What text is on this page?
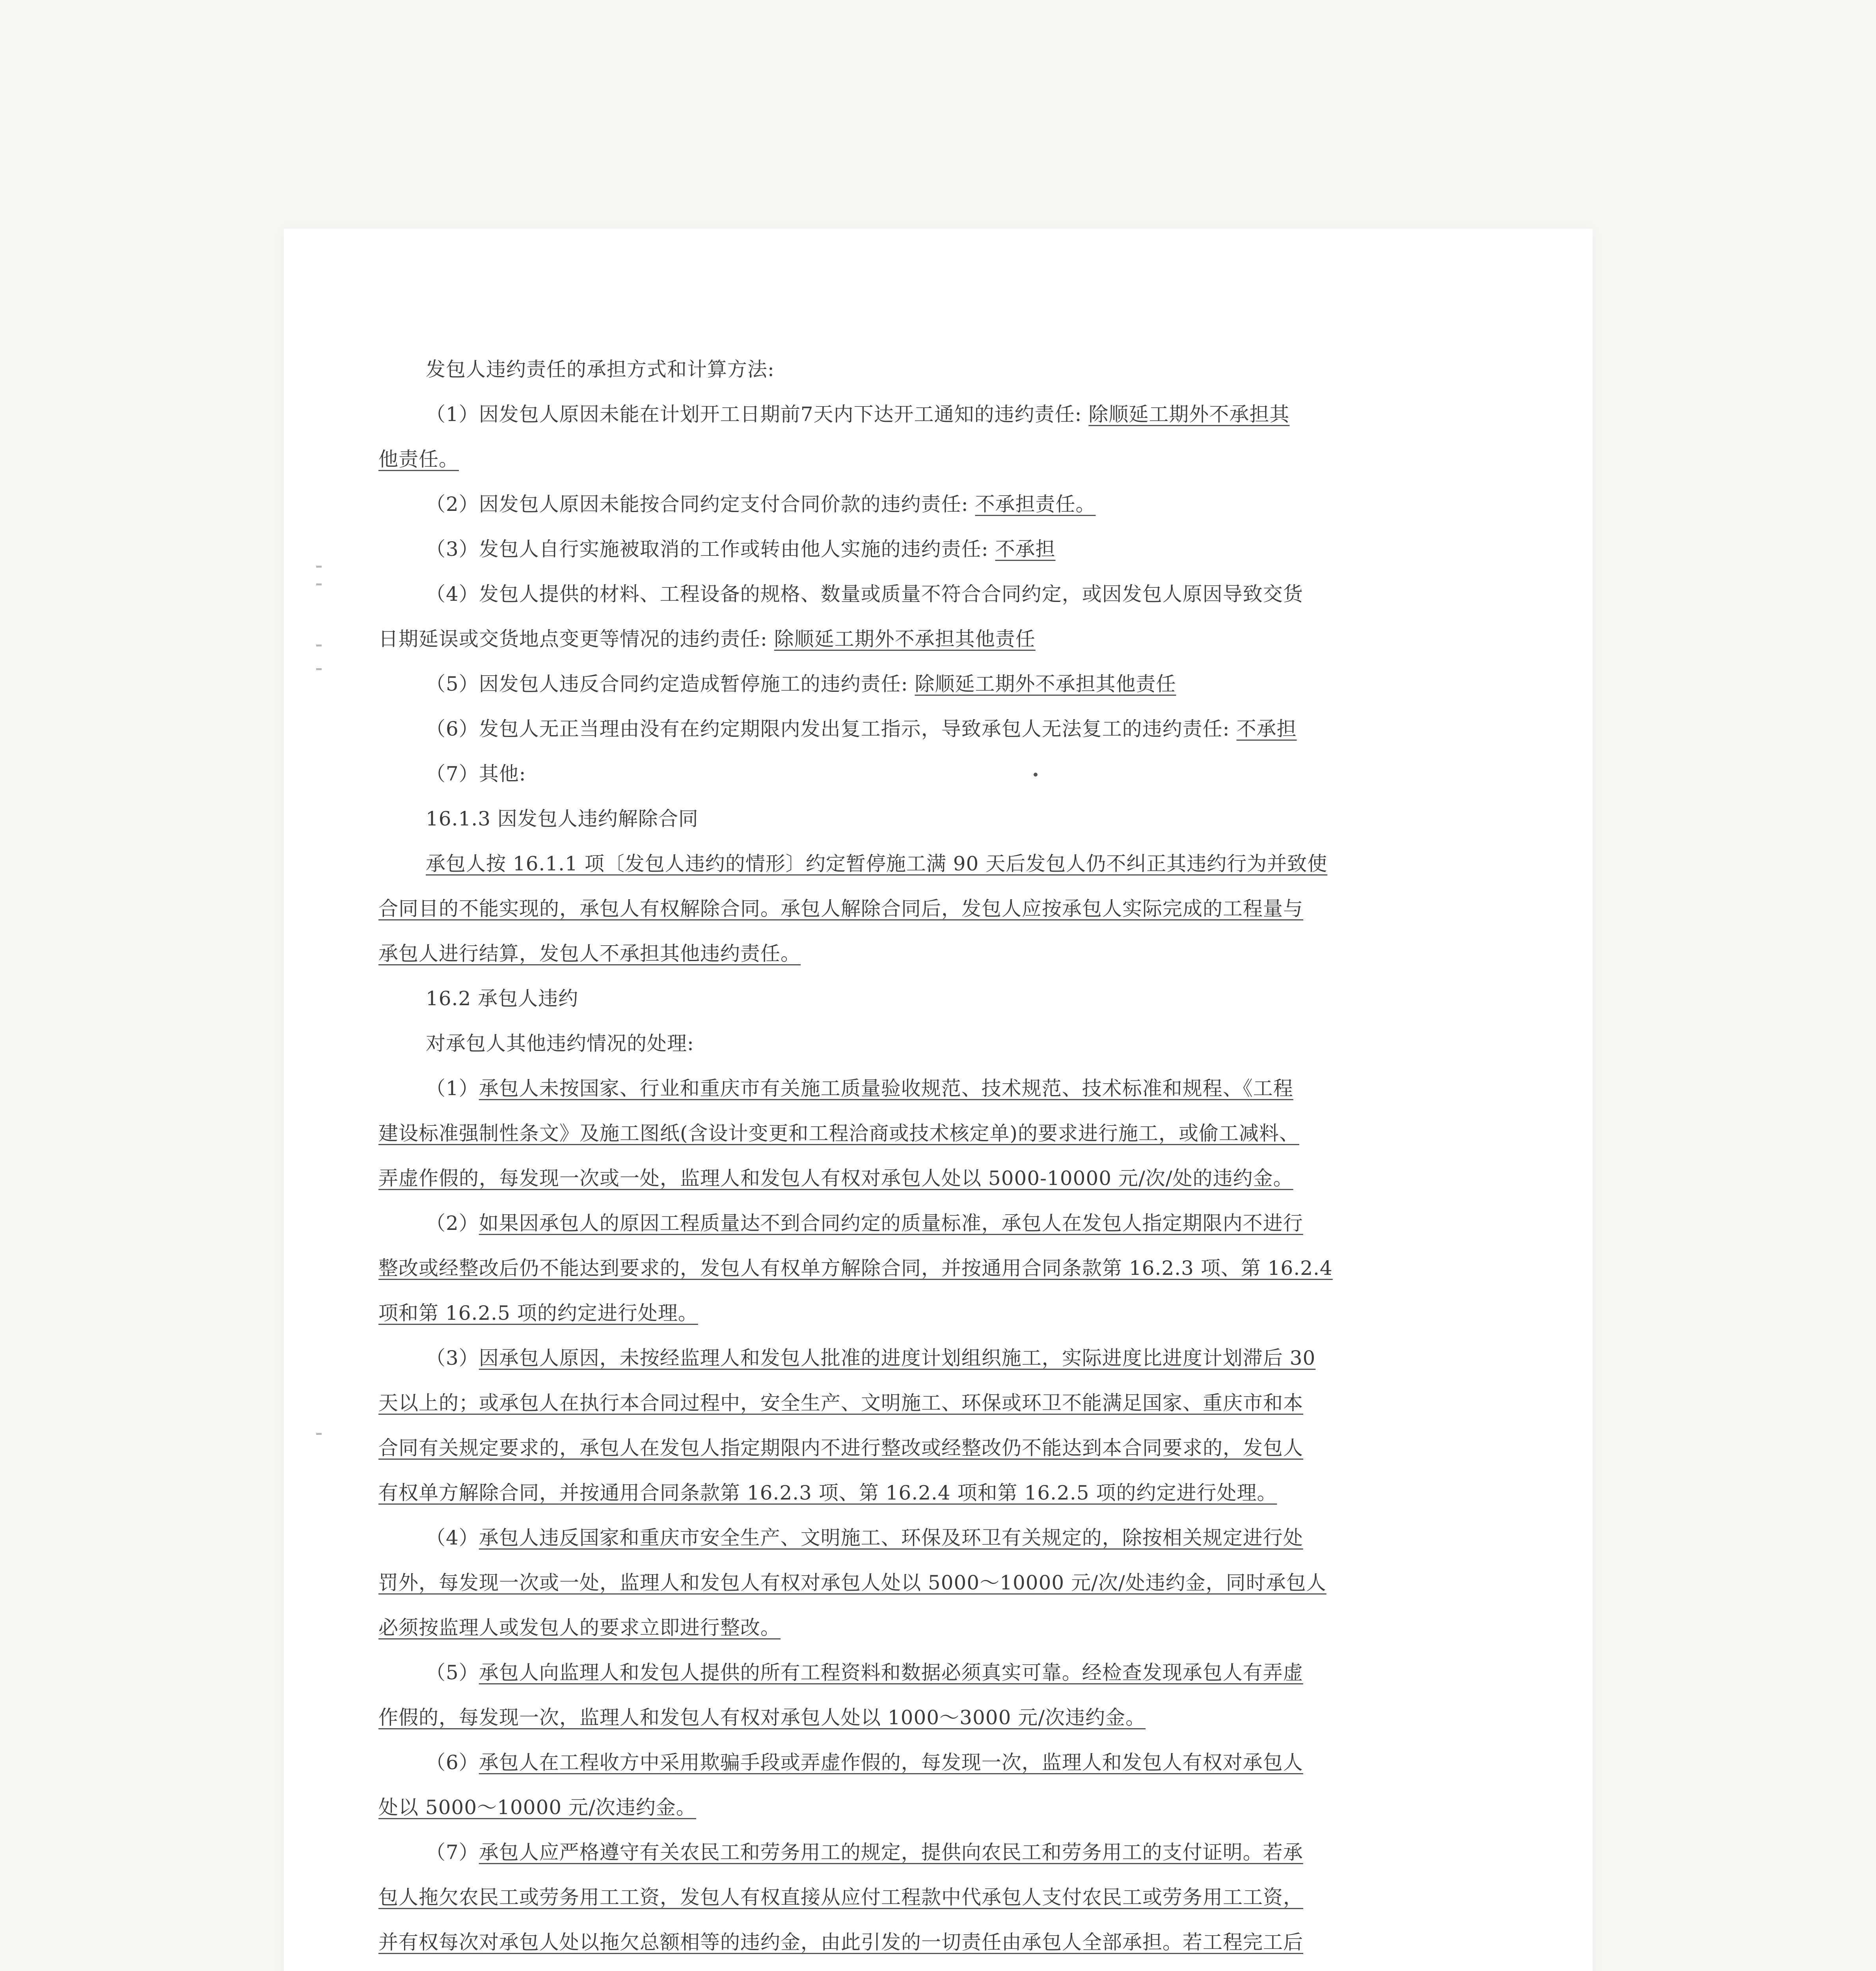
发包人违约责任的承担方式和计算方法:
（1）因发包人原因未能在计划开工日期前7天内下达开工通知的违约责任: 除顺延工期外不承担其
他责任。
（2）因发包人原因未能按合同约定支付合同价款的违约责任: 不承担责任。
（3）发包人自行实施被取消的工作或转由他人实施的违约责任: 不承担
（4）发包人提供的材料、工程设备的规格、数量或质量不符合合同约定，或因发包人原因导致交货
日期延误或交货地点变更等情况的违约责任: 除顺延工期外不承担其他责任
（5）因发包人违反合同约定造成暂停施工的违约责任: 除顺延工期外不承担其他责任
（6）发包人无正当理由没有在约定期限内发出复工指示，导致承包人无法复工的违约责任: 不承担
（7）其他:
16.1.3 因发包人违约解除合同
承包人按 16.1.1 项〔发包人违约的情形〕约定暂停施工满 90 天后发包人仍不纠正其违约行为并致使
合同目的不能实现的，承包人有权解除合同。承包人解除合同后，发包人应按承包人实际完成的工程量与
承包人进行结算，发包人不承担其他违约责任。
16.2 承包人违约
对承包人其他违约情况的处理:
（1）承包人未按国家、行业和重庆市有关施工质量验收规范、技术规范、技术标准和规程、《工程
建设标准强制性条文》及施工图纸(含设计变更和工程洽商或技术核定单)的要求进行施工，或偷工减料、
弄虚作假的，每发现一次或一处，监理人和发包人有权对承包人处以 5000-10000 元/次/处的违约金。
（2）如果因承包人的原因工程质量达不到合同约定的质量标准，承包人在发包人指定期限内不进行
整改或经整改后仍不能达到要求的，发包人有权单方解除合同，并按通用合同条款第 16.2.3 项、第 16.2.4
项和第 16.2.5 项的约定进行处理。
（3）因承包人原因，未按经监理人和发包人批准的进度计划组织施工，实际进度比进度计划滞后 30
天以上的；或承包人在执行本合同过程中，安全生产、文明施工、环保或环卫不能满足国家、重庆市和本
合同有关规定要求的，承包人在发包人指定期限内不进行整改或经整改仍不能达到本合同要求的，发包人
有权单方解除合同，并按通用合同条款第 16.2.3 项、第 16.2.4 项和第 16.2.5 项的约定进行处理。
（4）承包人违反国家和重庆市安全生产、文明施工、环保及环卫有关规定的，除按相关规定进行处
罚外，每发现一次或一处，监理人和发包人有权对承包人处以 5000～10000 元/次/处违约金，同时承包人
必须按监理人或发包人的要求立即进行整改。
（5）承包人向监理人和发包人提供的所有工程资料和数据必须真实可靠。经检查发现承包人有弄虚
作假的，每发现一次，监理人和发包人有权对承包人处以 1000～3000 元/次违约金。
（6）承包人在工程收方中采用欺骗手段或弄虚作假的，每发现一次，监理人和发包人有权对承包人
处以 5000～10000 元/次违约金。
（7）承包人应严格遵守有关农民工和劳务用工的规定，提供向农民工和劳务用工的支付证明。若承
包人拖欠农民工或劳务用工工资，发包人有权直接从应付工程款中代承包人支付农民工或劳务用工工资，
并有权每次对承包人处以拖欠总额相等的违约金，由此引发的一切责任由承包人全部承担。若工程完工后
